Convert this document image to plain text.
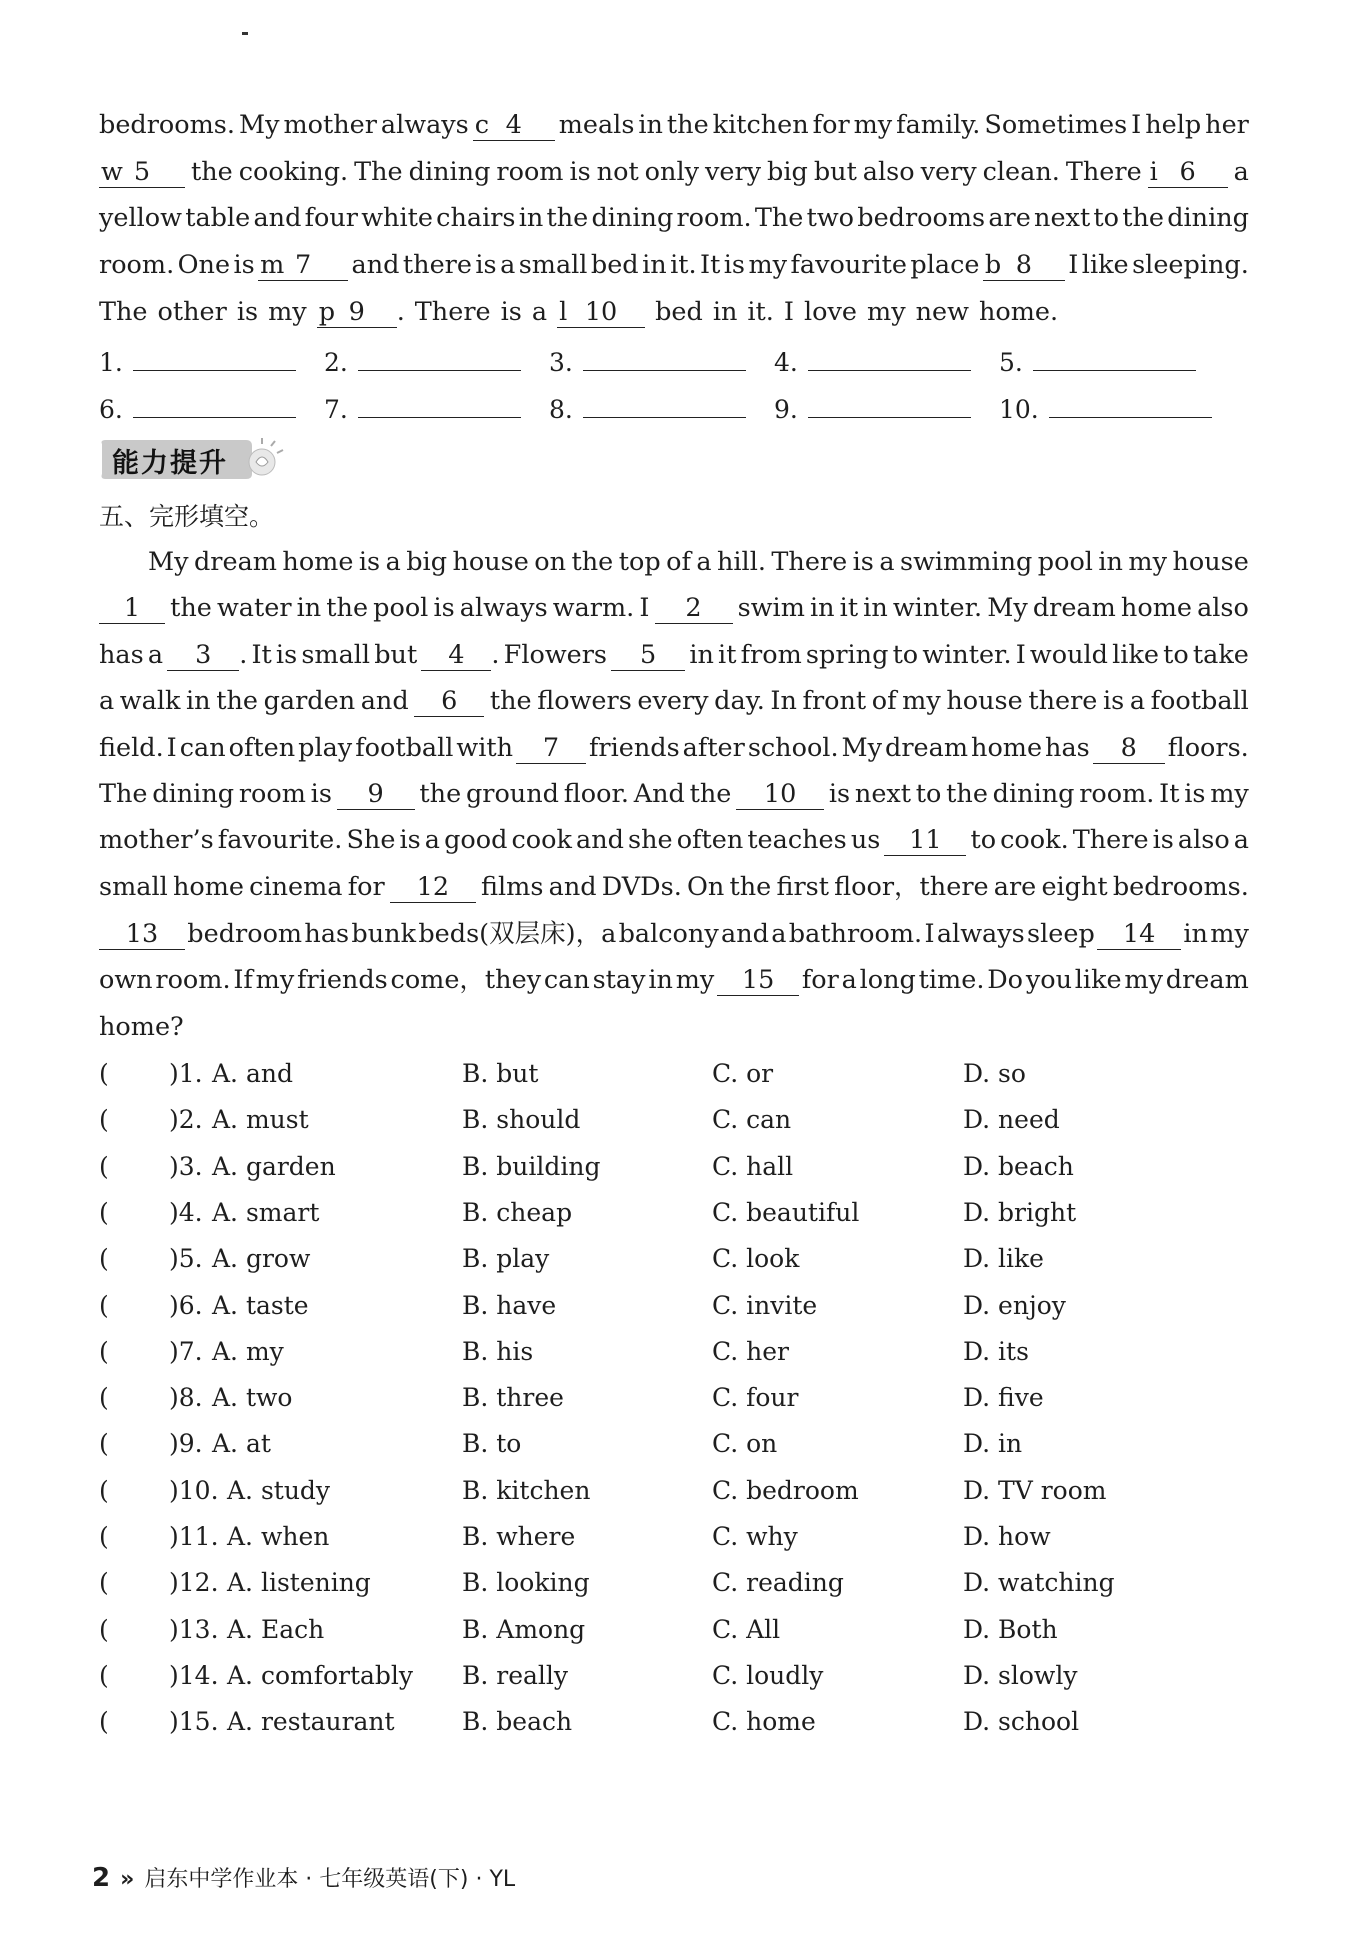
bedrooms. My mother always c 4	meals in the kitchen for my family. Sometimes I help her
w 5	the cooking. The dining room is not only very big but also very clean. There i 6	a
yellow table and four white chairs in the dining room. The two bedrooms are next to the dining
room. One is m 7	and there is a small bed in it. It is my favourite place b 8	I like sleeping.
The other is my p 9 . There is a l 10	bed in it. I love my new home.
1.	2.	3.	4.	5.
6.	7.	8.	9.	10.
能力提升
五、完形填空。
My dream home is a big house on the top of a hill. There is a swimming pool in my house
1	the water in the pool is always warm. I	2	swim in it in winter. My dream home also
has a	3 . It is small but	4 . Flowers	5	in it from spring to winter. I would like to take
a walk in the garden and	6	the flowers every day. In front of my house there is a football
field. I can often play football with	7	friends after school. My dream home has	8	floors.
The dining room is	9	the ground floor. And the	10	is next to the dining room. It is my
mother’s favourite. She is a good cook and she often teaches us	11	to cook. There is also a
small home cinema for	12	films and DVDs. On the first floor，there are eight bedrooms.
13	bedroom has bunk beds(双层床)，a balcony and a bathroom. I always sleep	14	in my
own room. If my friends come，they can stay in my	15	for a long time. Do you like my dream
home?
( )1. A. and	B. but	C. or	D. so
( )2. A. must	B. should	C. can	D. need
( )3. A. garden	B. building	C. hall	D. beach
( )4. A. smart	B. cheap	C. beautiful	D. bright
( )5. A. grow	B. play	C. look	D. like
( )6. A. taste	B. have	C. invite	D. enjoy
( )7. A. my	B. his	C. her	D. its
( )8. A. two	B. three	C. four	D. five
( )9. A. at	B. to	C. on	D. in
( )10. A. study	B. kitchen	C. bedroom	D. TV room
( )11. A. when	B. where	C. why	D. how
( )12. A. listening	B. looking	C. reading	D. watching
( )13. A. Each	B. Among	C. All	D. Both
( )14. A. comfortably B. really	C. loudly	D. slowly
( )15. A. restaurant	B. beach	C. home	D. school
2 » 启东中学作业本 · 七年级英语(下) · YL
